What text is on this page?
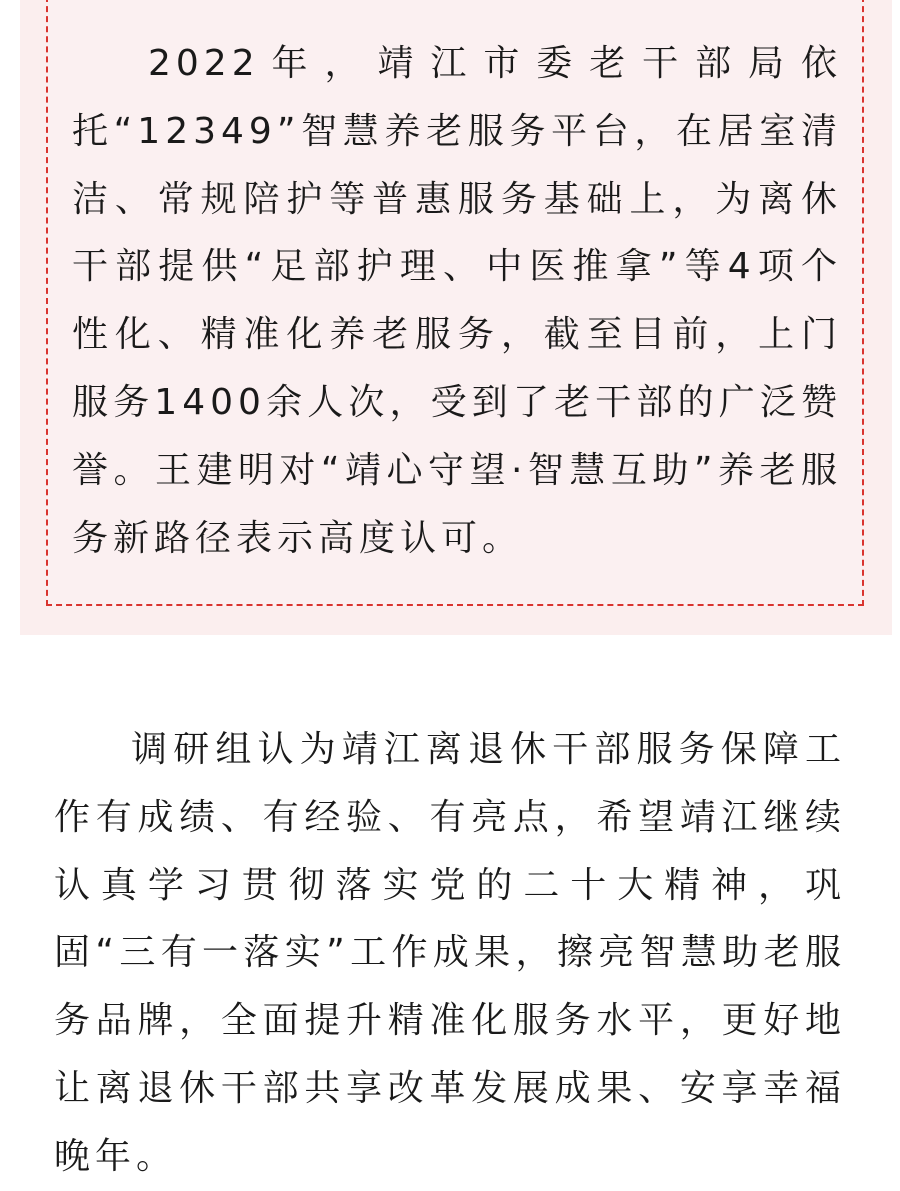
2022年，靖江市委老干部局依托“12349”智慧养老服务平台，在居室清洁、常规陪护等普惠服务基础上，为离休干部提供“足部护理、中医推拿”等4项个性化、精准化养老服务，截至目前，上门服务1400余人次，受到了老干部的广泛赞誉。王建明对“靖心守望·智慧互助”养老服务新路径表示高度认可。

调研组认为靖江离退休干部服务保障工作有成绩、有经验、有亮点，希望靖江继续认真学习贯彻落实党的二十大精神，巩固“三有一落实”工作成果，擦亮智慧助老服务品牌，全面提升精准化服务水平，更好地让离退休干部共享改革发展成果、安享幸福晚年。
